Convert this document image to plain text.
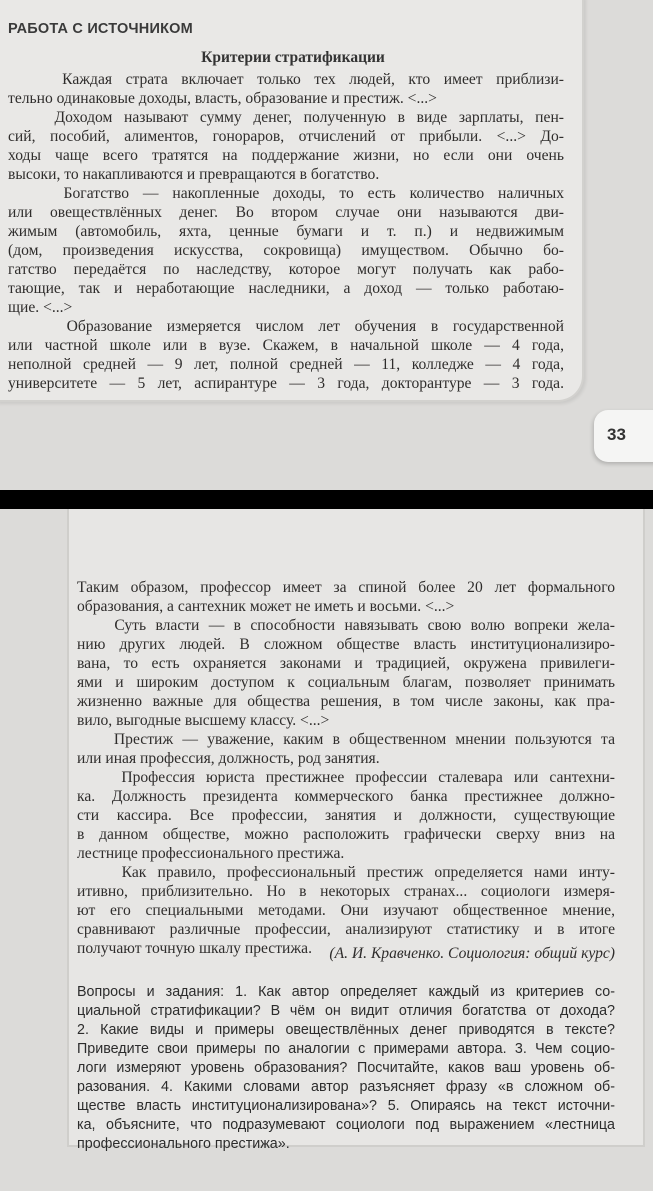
РАБОТА С ИСТОЧНИКОМ
Критерии стратификации
Каждая страта включает только тех людей, кто имеет приблизи-
тельно одинаковые доходы, власть, образование и престиж. <...>
Доходом называют сумму денег, полученную в виде зарплаты, пен-
сий, пособий, алиментов, гонораров, отчислений от прибыли. <...> До-
ходы чаще всего тратятся на поддержание жизни, но если они очень
высоки, то накапливаются и превращаются в богатство.
Богатство — накопленные доходы, то есть количество наличных
или овеществлённых денег. Во втором случае они называются дви-
жимым (автомобиль, яхта, ценные бумаги и т. п.) и недвижимым
(дом, произведения искусства, сокровища) имуществом. Обычно бо-
гатство передаётся по наследству, которое могут получать как рабо-
тающие, так и неработающие наследники, а доход — только работаю-
щие. <...>
Образование измеряется числом лет обучения в государственной
или частной школе или в вузе. Скажем, в начальной школе — 4 года,
неполной средней — 9 лет, полной средней — 11, колледже — 4 года,
университете — 5 лет, аспирантуре — 3 года, докторантуре — 3 года.
33
Таким образом, профессор имеет за спиной более 20 лет формального
образования, а сантехник может не иметь и восьми. <...>
Суть власти — в способности навязывать свою волю вопреки жела-
нию других людей. В сложном обществе власть институционализиро-
вана, то есть охраняется законами и традицией, окружена привилеги-
ями и широким доступом к социальным благам, позволяет принимать
жизненно важные для общества решения, в том числе законы, как пра-
вило, выгодные высшему классу. <...>
Престиж — уважение, каким в общественном мнении пользуются та
или иная профессия, должность, род занятия.
Профессия юриста престижнее профессии сталевара или сантехни-
ка. Должность президента коммерческого банка престижнее должно-
сти кассира. Все профессии, занятия и должности, существующие
в данном обществе, можно расположить графически сверху вниз на
лестнице профессионального престижа.
Как правило, профессиональный престиж определяется нами инту-
итивно, приблизительно. Но в некоторых странах... социологи измеря-
ют его специальными методами. Они изучают общественное мнение,
сравнивают различные профессии, анализируют статистику и в итоге
получают точную шкалу престижа.	(А. И. Кравченко. Социология: общий курс)
Вопросы и задания: 1. Как автор определяет каждый из критериев со-
циальной стратификации? В чём он видит отличия богатства от дохода?
2. Какие виды и примеры овеществлённых денег приводятся в тексте?
Приведите свои примеры по аналогии с примерами автора. 3. Чем социо-
логи измеряют уровень образования? Посчитайте, каков ваш уровень об-
разования. 4. Какими словами автор разъясняет фразу «в сложном об-
ществе власть институционализирована»? 5. Опираясь на текст источни-
ка, объясните, что подразумевают социологи под выражением «лестница
профессионального престижа».
